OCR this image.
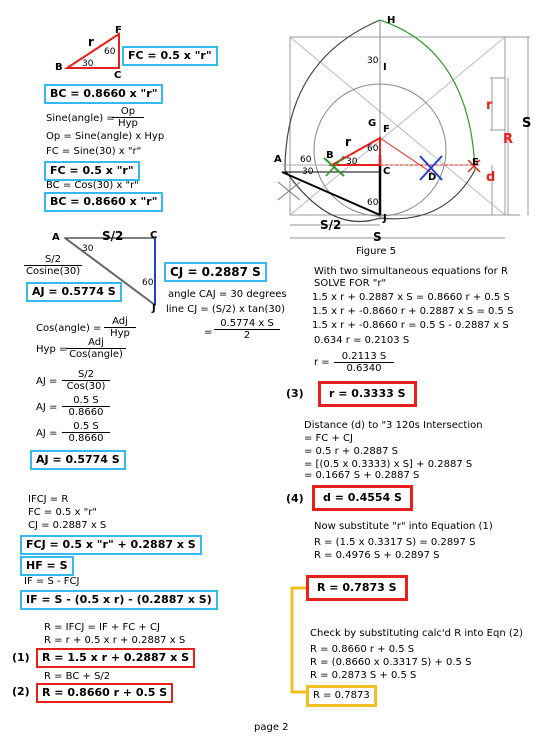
F
B
C
r
60
30
FC = 0.5 x "r"
BC = 0.8660 x "r"
Sine(angle) =
Op
Hyp
Op = Sine(angle) x Hyp
FC = Sine(30) x "r"
FC = 0.5 x "r"
BC = Cos(30) x "r"
BC = 0.8660 x "r"
A	C
J
S/2
30
60
$\frac{S/2}{Cosine(30)}$
AJ = 0.5774 S
CJ = 0.2887 S
angle CAJ = 30 degrees
line CJ = (S/2) x tan(30)
= $\frac{\text{0.5774 x S}}{2}$
Cos(angle) =
Adj
Hyp
Hyp =
Adj
Cos(angle)
AJ =
S/2
Cos(30)
AJ = $\frac{0.5 S}{0.8660}$
AJ = $\frac{0.5 S}{0.8660}$
AJ = 0.5774 S
IFCJ = R
FC = 0.5 x "r"
CJ = 0.2887 x S
FCJ = 0.5 x "r" + 0.2887 x S
HF = S
IF = S - FCJ
IF = S - (0.5 x r) - (0.2887 x S)
R = IFCJ = IF + FC + CJ
R = r + 0.5 x r + 0.2887 x S
(1)	R = 1.5 x r + 0.2887 x S
R = BC + S/2
(2)	R = 0.8660 r + 0.5 S
H
I
G
F
A	B
C
D
E
J
r
r
R
d
S
S/2
S
30
60
30
60
30
60
Figure 5
With two simultaneous equations for R
SOLVE FOR "r"
1.5 x r + 0.2887 x S = 0.8660 r + 0.5 S
1.5 x r + -0.8660 r + 0.2887 x S = 0.5 S
1.5 x r + -0.8660 r = 0.5 S - 0.2887 x S
0.634 r = 0.2103 S
$r = \frac{0.2113 S}{0.6340}$
(3)	r = 0.3333 S
Distance (d) to "3 120s Intersection
= FC + CJ
= 0.5 r + 0.2887 S
= [(0.5 x 0.3333) x S] + 0.2887 S
= 0.1667 S + 0.2887 S
(4)	d = 0.4554 S
Now substitute "r" into Equation (1)
R = (1.5 x 0.3317 S) = 0.2897 S
R = 0.4976 S + 0.2897 S
R = 0.7873 S
Check by substituting calc'd R into Eqn (2)
R = 0.8660 r + 0.5 S
R = (0.8660 x 0.3317 S) + 0.5 S
R = 0.2873 S + 0.5 S
R = 0.7873
page 2
